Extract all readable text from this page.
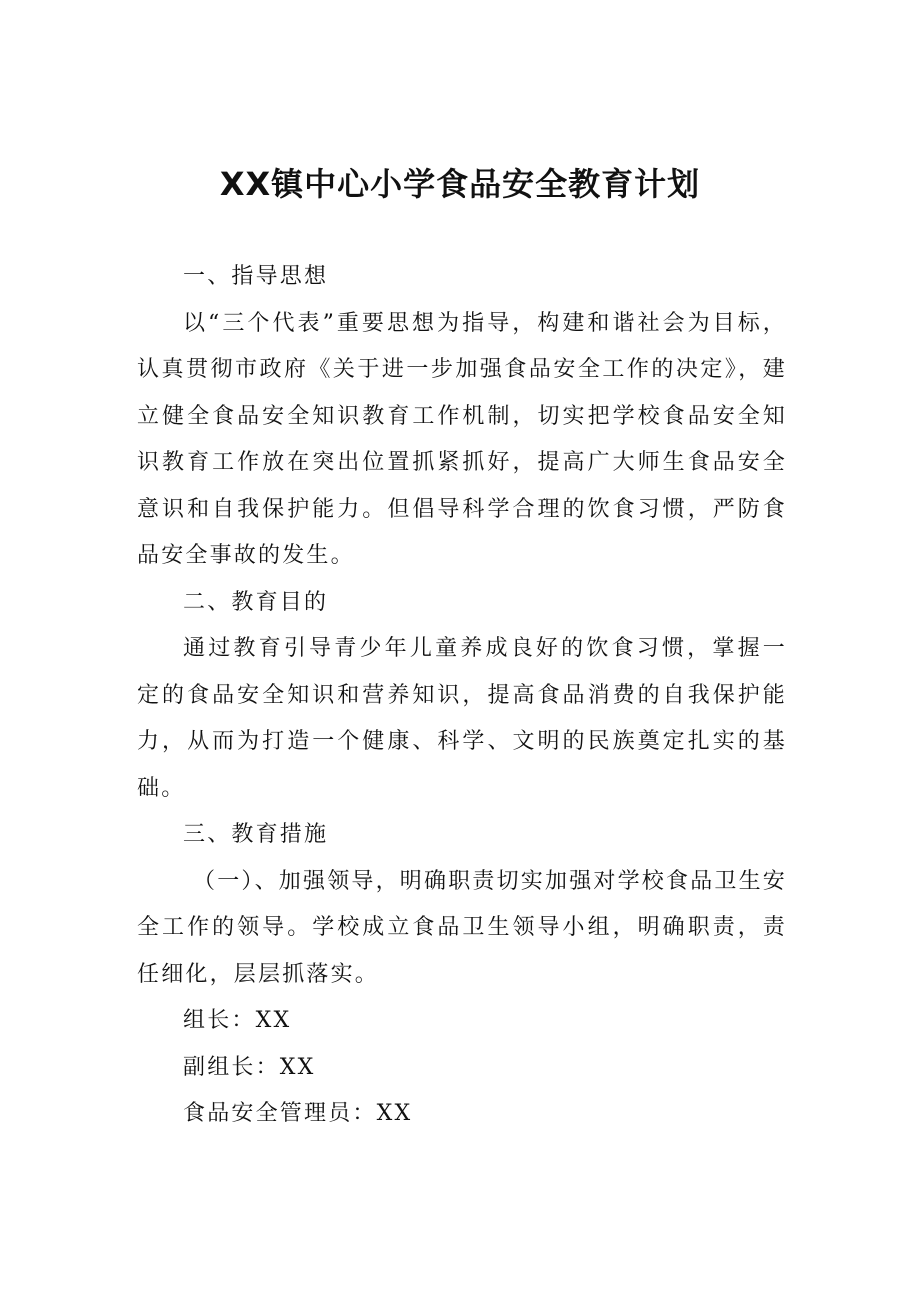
XX镇中心小学食品安全教育计划

一、指导思想

以“三个代表”重要思想为指导，构建和谐社会为目标，认真贯彻市政府《关于进一步加强食品安全工作的决定》，建立健全食品安全知识教育工作机制，切实把学校食品安全知识教育工作放在突出位置抓紧抓好，提高广大师生食品安全意识和自我保护能力。但倡导科学合理的饮食习惯，严防食品安全事故的发生。

二、教育目的

通过教育引导青少年儿童养成良好的饮食习惯，掌握一定的食品安全知识和营养知识，提高食品消费的自我保护能力，从而为打造一个健康、科学、文明的民族奠定扎实的基础。

三、教育措施

（一）、加强领导，明确职责切实加强对学校食品卫生安全工作的领导。学校成立食品卫生领导小组，明确职责，责任细化，层层抓落实。

组长：XX

副组长：XX

食品安全管理员：XX
